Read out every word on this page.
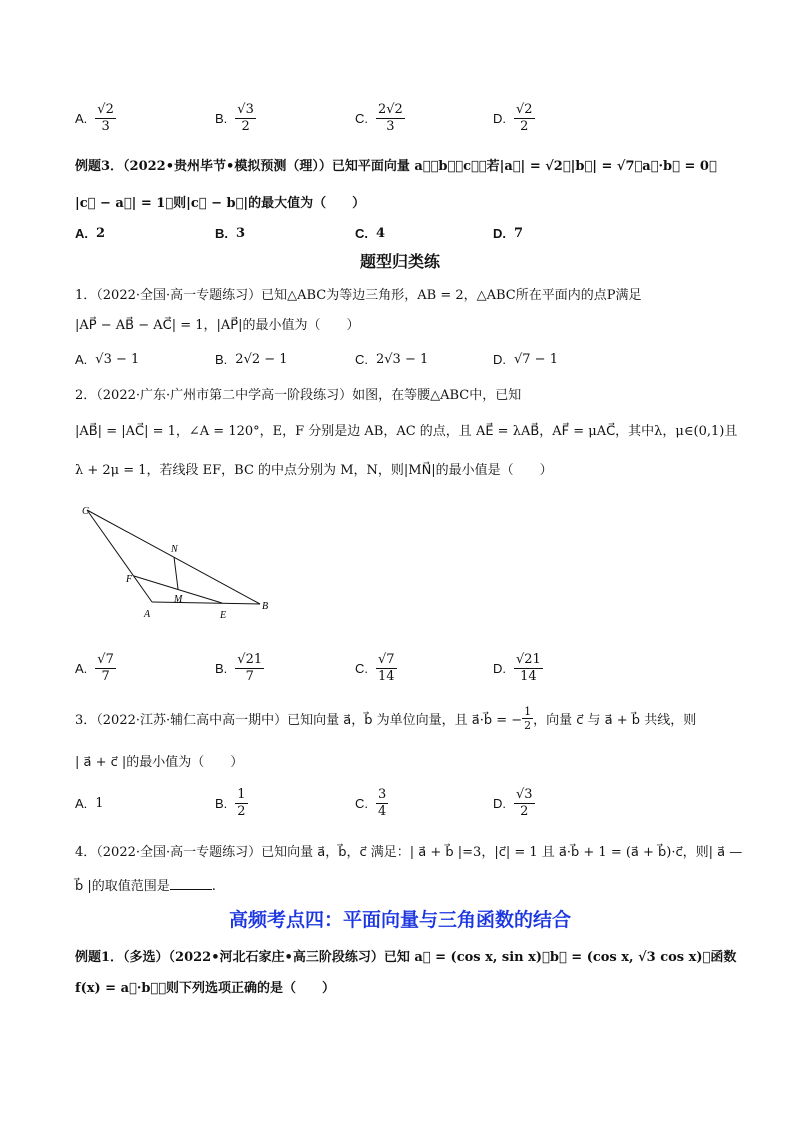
A. $\frac{√2}{3}$	B. $\frac{√3}{2}$	C. $\frac{2√2}{3}$	D. $\frac{√2}{2}$
例题3．（2022•贵州毕节•模拟预测（理））已知平面向量 a⃗，b⃗，c⃗，若|a⃗| = √2，|b⃗| = √7，a⃗·b⃗ = 0，
|c⃗ − a⃗| = 1，则|c⃗ − b⃗|的最大值为（　　）
A. 2	B. 3	C. 4	D. 7
题型归类练
1．（2022·全国·高一专题练习）已知△ABC为等边三角形，AB = 2，△ABC所在平面内的点P满足
|AP⃗ − AB⃗ − AC⃗| = 1，|AP⃗|的最小值为（　　）
A. √3 − 1	B. 2√2 − 1	C. 2√3 − 1	D. √7 − 1
2．（2022·广东·广州市第二中学高一阶段练习）如图，在等腰△ABC中，已知
|AB⃗| = |AC⃗| = 1，∠A = 120°，E，F 分别是边 AB，AC 的点，且 AE⃗ = λAB⃗，AF⃗ = μAC⃗，其中λ，μ∈(0,1)且
λ + 2μ = 1，若线段 EF，BC 的中点分别为 M，N，则|MN⃗|的最小值是（　　）
C
N
F
M
A	E
B
A. $\frac{√7}{7}$	B. $\frac{√21}{7}$	C. $\frac{√7}{14}$	D. $\frac{√21}{14}$
3．（2022·江苏·辅仁高中高一期中）已知向量 a⃗，b⃗ 为单位向量，且 a⃗·b⃗ = − $\frac{1}{2}$ ，向量 c⃗ 与 a⃗ + b⃗ 共线，则
| a⃗ + c⃗ |的最小值为（　　）
A. 1	B. $\frac{1}{2}$	C. $\frac{3}{4}$	D. $\frac{√3}{2}$
4．（2022·全国·高一专题练习）已知向量 a⃗，b⃗，c⃗ 满足：| a⃗ + b⃗ |=3，|c⃗| = 1 且 a⃗·b⃗ + 1 = (a⃗ + b⃗)·c⃗，则| a⃗ —
b⃗ |的取值范围是	.
高频考点四：平面向量与三角函数的结合
例题1．（多选）（2022•河北石家庄•高三阶段练习）已知 a⃗ = (cos x, sin x)，b⃗ = (cos x, √3 cos x)，函数
f(x) = a⃗·b⃗，则下列选项正确的是（　　）
